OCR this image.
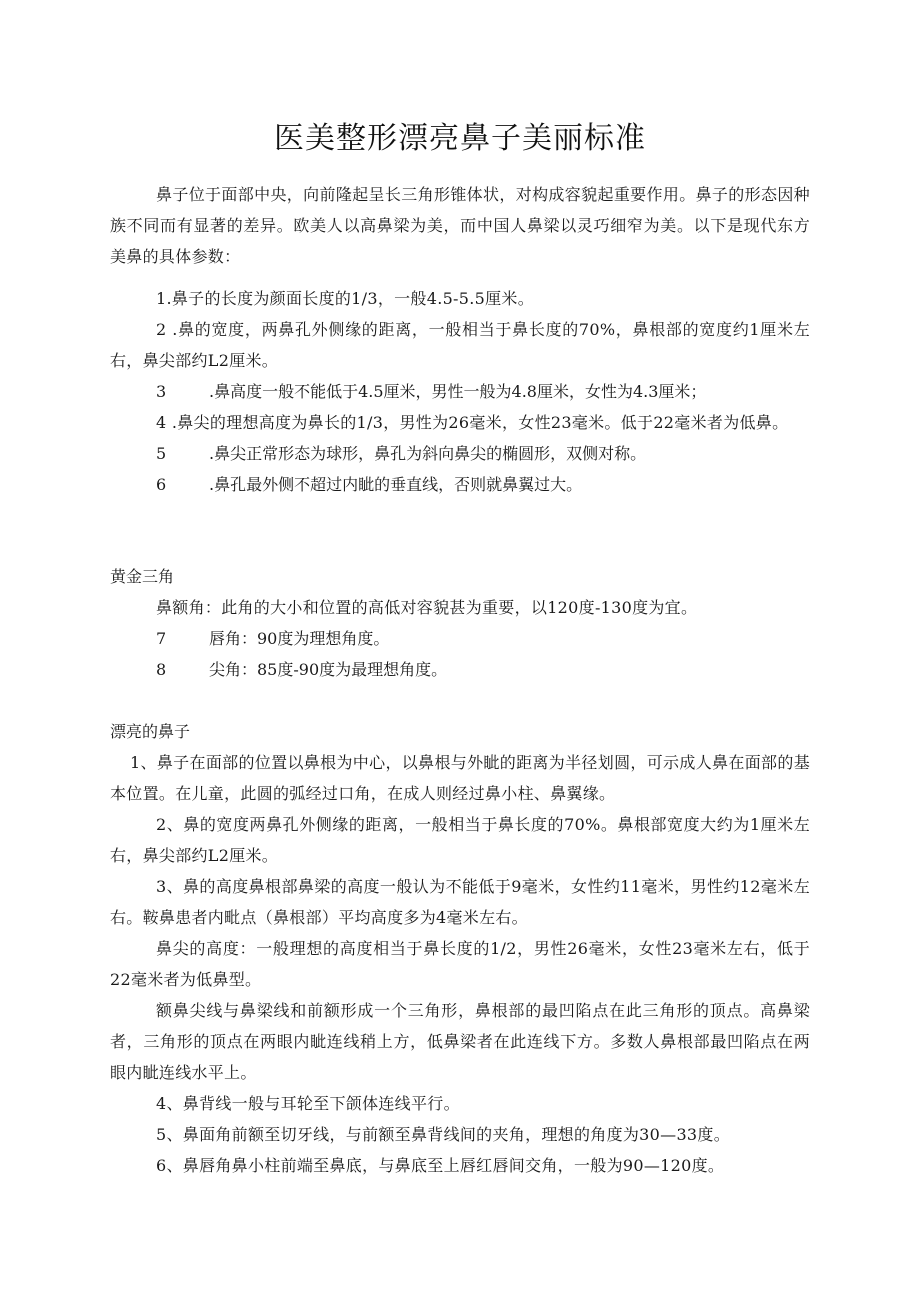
医美整形漂亮鼻子美丽标准

鼻子位于面部中央，向前隆起呈长三角形锥体状，对构成容貌起重要作用。鼻子的形态因种族不同而有显著的差异。欧美人以高鼻梁为美，而中国人鼻梁以灵巧细窄为美。以下是现代东方美鼻的具体参数：

1.鼻子的长度为颜面长度的1/3，一般4.5-5.5厘米。

2 .鼻的宽度，两鼻孔外侧缘的距离，一般相当于鼻长度的70%，鼻根部的宽度约1厘米左右，鼻尖部约L2厘米。

3	.鼻高度一般不能低于4.5厘米，男性一般为4.8厘米，女性为4.3厘米；

4 .鼻尖的理想高度为鼻长的1/3，男性为26毫米，女性23毫米。低于22毫米者为低鼻。

5	.鼻尖正常形态为球形，鼻孔为斜向鼻尖的椭圆形，双侧对称。
6	.鼻孔最外侧不超过内眦的垂直线，否则就鼻翼过大。

黄金三角

鼻额角：此角的大小和位置的高低对容貌甚为重要，以120度-130度为宜。

7	唇角：90度为理想角度。
8	尖角：85度-90度为最理想角度。

漂亮的鼻子

1、鼻子在面部的位置以鼻根为中心，以鼻根与外眦的距离为半径划圆，可示成人鼻在面部的基本位置。在儿童，此圆的弧经过口角，在成人则经过鼻小柱、鼻翼缘。

2、鼻的宽度两鼻孔外侧缘的距离，一般相当于鼻长度的70%。鼻根部宽度大约为1厘米左右，鼻尖部约L2厘米。

3、鼻的高度鼻根部鼻梁的高度一般认为不能低于9毫米，女性约11毫米，男性约12毫米左右。鞍鼻患者内毗点（鼻根部）平均高度多为4毫米左右。

鼻尖的高度：一般理想的高度相当于鼻长度的1/2，男性26毫米，女性23毫米左右，低于22毫米者为低鼻型。

额鼻尖线与鼻梁线和前额形成一个三角形，鼻根部的最凹陷点在此三角形的顶点。高鼻梁者，三角形的顶点在两眼内眦连线稍上方，低鼻梁者在此连线下方。多数人鼻根部最凹陷点在两眼内眦连线水平上。

4、鼻背线一般与耳轮至下颌体连线平行。

5、鼻面角前额至切牙线，与前额至鼻背线间的夹角，理想的角度为30—33度。

6、鼻唇角鼻小柱前端至鼻底，与鼻底至上唇红唇间交角，一般为90—120度。
